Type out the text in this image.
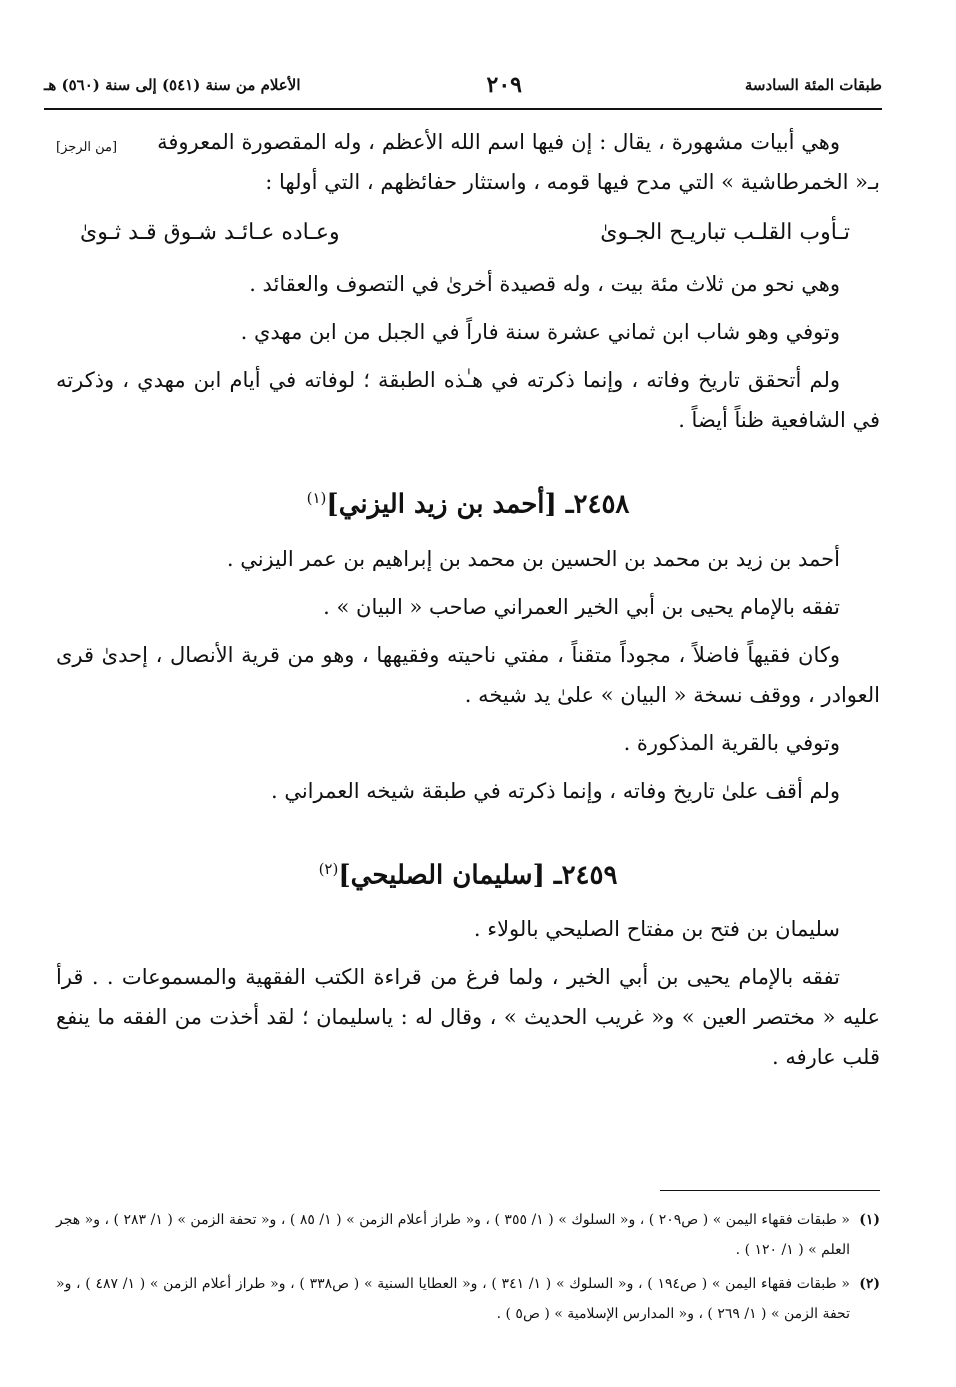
طبقات المئة السادسة
٢٠٩
الأعلام من سنة (٥٤١) إلى سنة (٥٦٠) هـ

وهي أبيات مشهورة ، يقال : إن فيها اسم الله الأعظم ، وله المقصورة المعروفة
[من الرجز]
بـ« الخمرطاشية » التي مدح فيها قومه ، واستثار حفائظهم ، التي أولها :

تـأوب القلـب تباريـح الجـوىٰ
وعـاده عـائـد شـوق قـد ثـوىٰ

وهي نحو من ثلاث مئة بيت ، وله قصيدة أخرىٰ في التصوف والعقائد .

وتوفي وهو شاب ابن ثماني عشرة سنة فاراً في الجبل من ابن مهدي .

ولم أتحقق تاريخ وفاته ، وإنما ذكرته في هـٰذه الطبقة ؛ لوفاته في أيام ابن مهدي ، وذكرته في الشافعية ظناً أيضاً .

٢٤٥٨ـ [أحمد بن زيد اليزني]$^{(١)}$

أحمد بن زيد بن محمد بن الحسين بن محمد بن إبراهيم بن عمر اليزني .

تفقه بالإمام يحيى بن أبي الخير العمراني صاحب « البيان » .

وكان فقيهاً فاضلاً ، مجوداً متقناً ، مفتي ناحيته وفقيهها ، وهو من قرية الأنصال ، إحدىٰ قرى العوادر ، ووقف نسخة « البيان » علىٰ يد شيخه .

وتوفي بالقرية المذكورة .

ولم أقف علىٰ تاريخ وفاته ، وإنما ذكرته في طبقة شيخه العمراني .

٢٤٥٩ـ [سليمان الصليحي]$^{(٢)}$

سليمان بن فتح بن مفتاح الصليحي بالولاء .

تفقه بالإمام يحيى بن أبي الخير ، ولما فرغ من قراءة الكتب الفقهية والمسموعات . . قرأ عليه « مختصر العين » و« غريب الحديث » ، وقال له : ياسليمان ؛ لقد أخذت من الفقه ما ينفع قلب عارفه .

(١)
« طبقات فقهاء اليمن » ( ص٢٠٩ ) ، و« السلوك » ( ١/ ٣٥٥ ) ، و« طراز أعلام الزمن » ( ١/ ٨٥ ) ، و« تحفة الزمن » ( ١/ ٢٨٣ ) ، و« هجر العلم » ( ١/ ١٢٠ ) .
(٢)
« طبقات فقهاء اليمن » ( ص١٩٤ ) ، و« السلوك » ( ١/ ٣٤١ ) ، و« العطايا السنية » ( ص٣٣٨ ) ، و« طراز أعلام الزمن » ( ١/ ٤٨٧ ) ، و« تحفة الزمن » ( ١/ ٢٦٩ ) ، و« المدارس الإسلامية » ( ص٥ ) .
